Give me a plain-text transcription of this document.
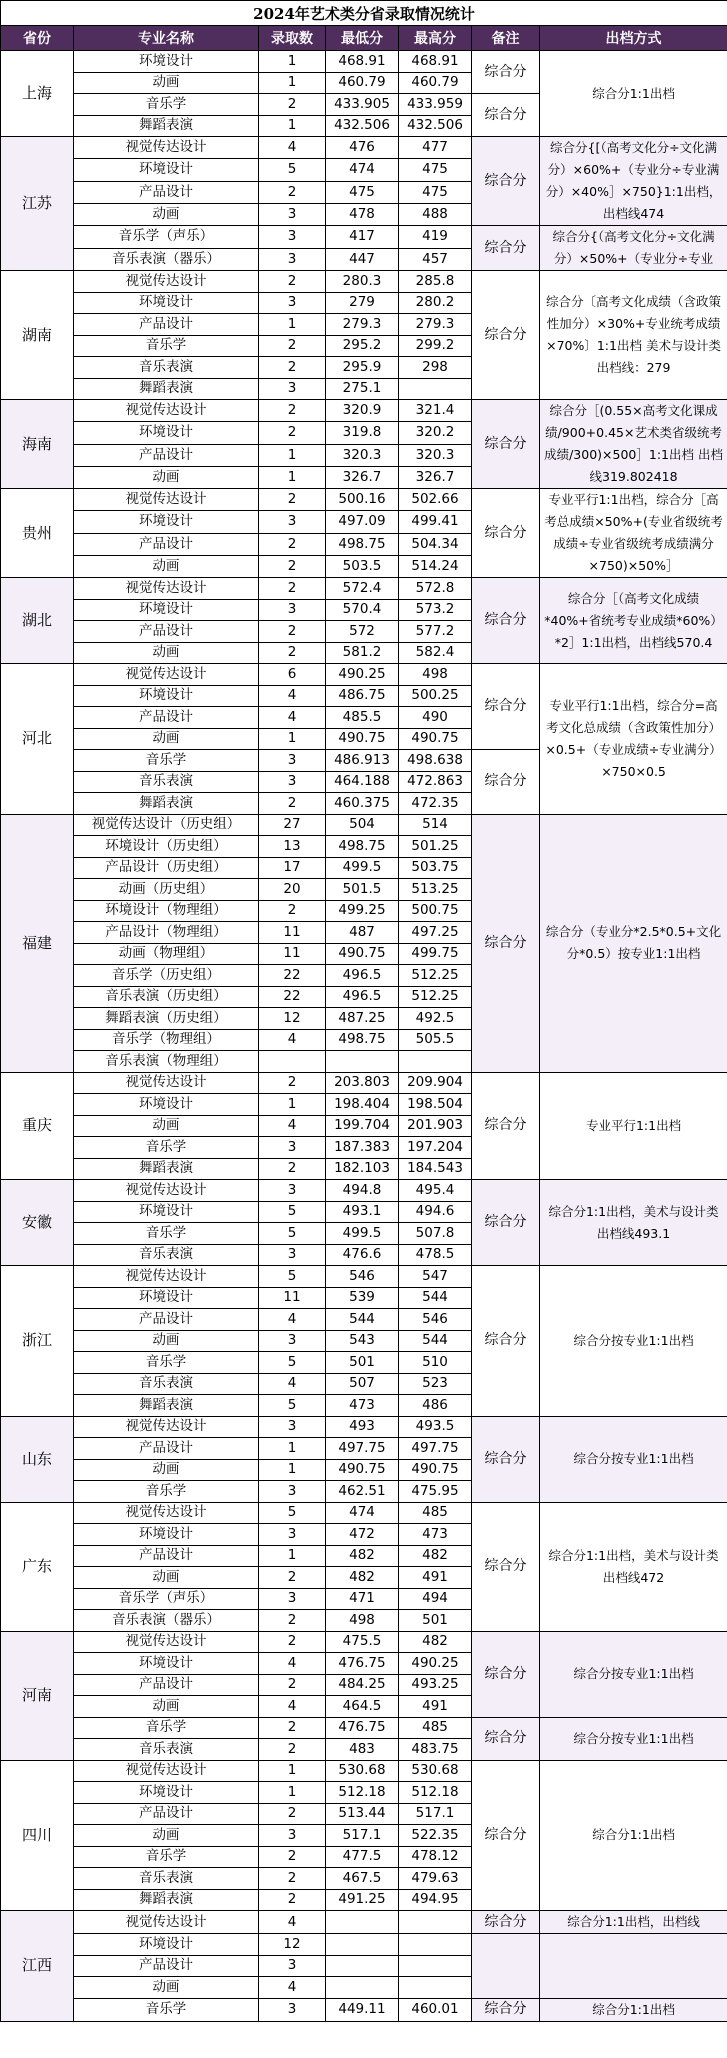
2024年艺术类分省录取情况统计						
省份	专业名称	录取数	最低分	最高分	备注	出档方式
上海	环境设计	1	468.91	468.91	综合分	综合分1:1出档
	动画	1	460.79	460.79		
	音乐学	2	433.905	433.959	综合分	
	舞蹈表演	1	432.506	432.506		
江苏	视觉传达设计	4	476	477	综合分	综合分{[（高考文化分÷文化满分）×60%+（专业分÷专业满分）×40%］×750}1:1出档，出档线474
	环境设计	5	474	475		
	产品设计	2	475	475		
	动画	3	478	488		
	音乐学（声乐）	3	417	419	综合分	综合分{（高考文化分÷文化满分）×50%+（专业分÷专业
	音乐表演（器乐）	3	447	457		
湖南	视觉传达设计	2	280.3	285.8	综合分	综合分〔高考文化成绩（含政策性加分）×30%+专业统考成绩×70%〕1:1出档 美术与设计类出档线：279
	环境设计	3	279	280.2		
	产品设计	1	279.3	279.3		
	音乐学	2	295.2	299.2		
	音乐表演	2	295.9	298		
	舞蹈表演	3	275.1			
海南	视觉传达设计	2	320.9	321.4	综合分	综合分［(0.55×高考文化课成绩/900+0.45×艺术类省级统考成绩/300)×500］1:1出档 出档线319.802418
	环境设计	2	319.8	320.2		
	产品设计	1	320.3	320.3		
	动画	1	326.7	326.7		
贵州	视觉传达设计	2	500.16	502.66	综合分	专业平行1:1出档，综合分［高考总成绩×50%+(专业省级统考成绩÷专业省级统考成绩满分×750)×50%］
	环境设计	3	497.09	499.41		
	产品设计	2	498.75	504.34		
	动画	2	503.5	514.24		
湖北	视觉传达设计	2	572.4	572.8	综合分	综合分［（高考文化成绩*40%+省统考专业成绩*60%）*2］1:1出档，出档线570.4
	环境设计	3	570.4	573.2		
	产品设计	2	572	577.2		
	动画	2	581.2	582.4		
河北	视觉传达设计	6	490.25	498	综合分	专业平行1:1出档，综合分=高考文化总成绩（含政策性加分）×0.5+（专业成绩÷专业满分）×750×0.5
	环境设计	4	486.75	500.25		
	产品设计	4	485.5	490		
	动画	1	490.75	490.75		
	音乐学	3	486.913	498.638	综合分	
	音乐表演	3	464.188	472.863		
	舞蹈表演	2	460.375	472.35		
福建	视觉传达设计（历史组）	27	504	514	综合分	综合分（专业分*2.5*0.5+文化分*0.5）按专业1:1出档
	环境设计（历史组）	13	498.75	501.25		
	产品设计（历史组）	17	499.5	503.75		
	动画（历史组）	20	501.5	513.25		
	环境设计（物理组）	2	499.25	500.75		
	产品设计（物理组）	11	487	497.25		
	动画（物理组）	11	490.75	499.75		
	音乐学（历史组）	22	496.5	512.25		
	音乐表演（历史组）	22	496.5	512.25		
	舞蹈表演（历史组）	12	487.25	492.5		
	音乐学（物理组）	4	498.75	505.5		
	音乐表演（物理组）					
重庆	视觉传达设计	2	203.803	209.904	综合分	专业平行1:1出档
	环境设计	1	198.404	198.504		
	动画	4	199.704	201.903		
	音乐学	3	187.383	197.204		
	舞蹈表演	2	182.103	184.543		
安徽	视觉传达设计	3	494.8	495.4	综合分	综合分1:1出档，美术与设计类出档线493.1
	环境设计	5	493.1	494.6		
	音乐学	5	499.5	507.8		
	音乐表演	3	476.6	478.5		
浙江	视觉传达设计	5	546	547	综合分	综合分按专业1:1出档
	环境设计	11	539	544		
	产品设计	4	544	546		
	动画	3	543	544		
	音乐学	5	501	510		
	音乐表演	4	507	523		
	舞蹈表演	5	473	486		
山东	视觉传达设计	3	493	493.5	综合分	综合分按专业1:1出档
	产品设计	1	497.75	497.75		
	动画	1	490.75	490.75		
	音乐学	3	462.51	475.95		
广东	视觉传达设计	5	474	485	综合分	综合分1:1出档，美术与设计类出档线472
	环境设计	3	472	473		
	产品设计	1	482	482		
	动画	2	482	491		
	音乐学（声乐）	3	471	494		
	音乐表演（器乐）	2	498	501		
河南	视觉传达设计	2	475.5	482	综合分	综合分按专业1:1出档
	环境设计	4	476.75	490.25		
	产品设计	2	484.25	493.25		
	动画	4	464.5	491		
	音乐学	2	476.75	485	综合分	综合分按专业1:1出档
	音乐表演	2	483	483.75		
四川	视觉传达设计	1	530.68	530.68	综合分	综合分1:1出档
	环境设计	1	512.18	512.18		
	产品设计	2	513.44	517.1		
	动画	3	517.1	522.35		
	音乐学	2	477.5	478.12		
	音乐表演	2	467.5	479.63		
	舞蹈表演	2	491.25	494.95		
江西	视觉传达设计	4			综合分	综合分1:1出档，出档线
	环境设计	12				
	产品设计	3				
	动画	4				
	音乐学	3	449.11	460.01	综合分	综合分1:1出档
